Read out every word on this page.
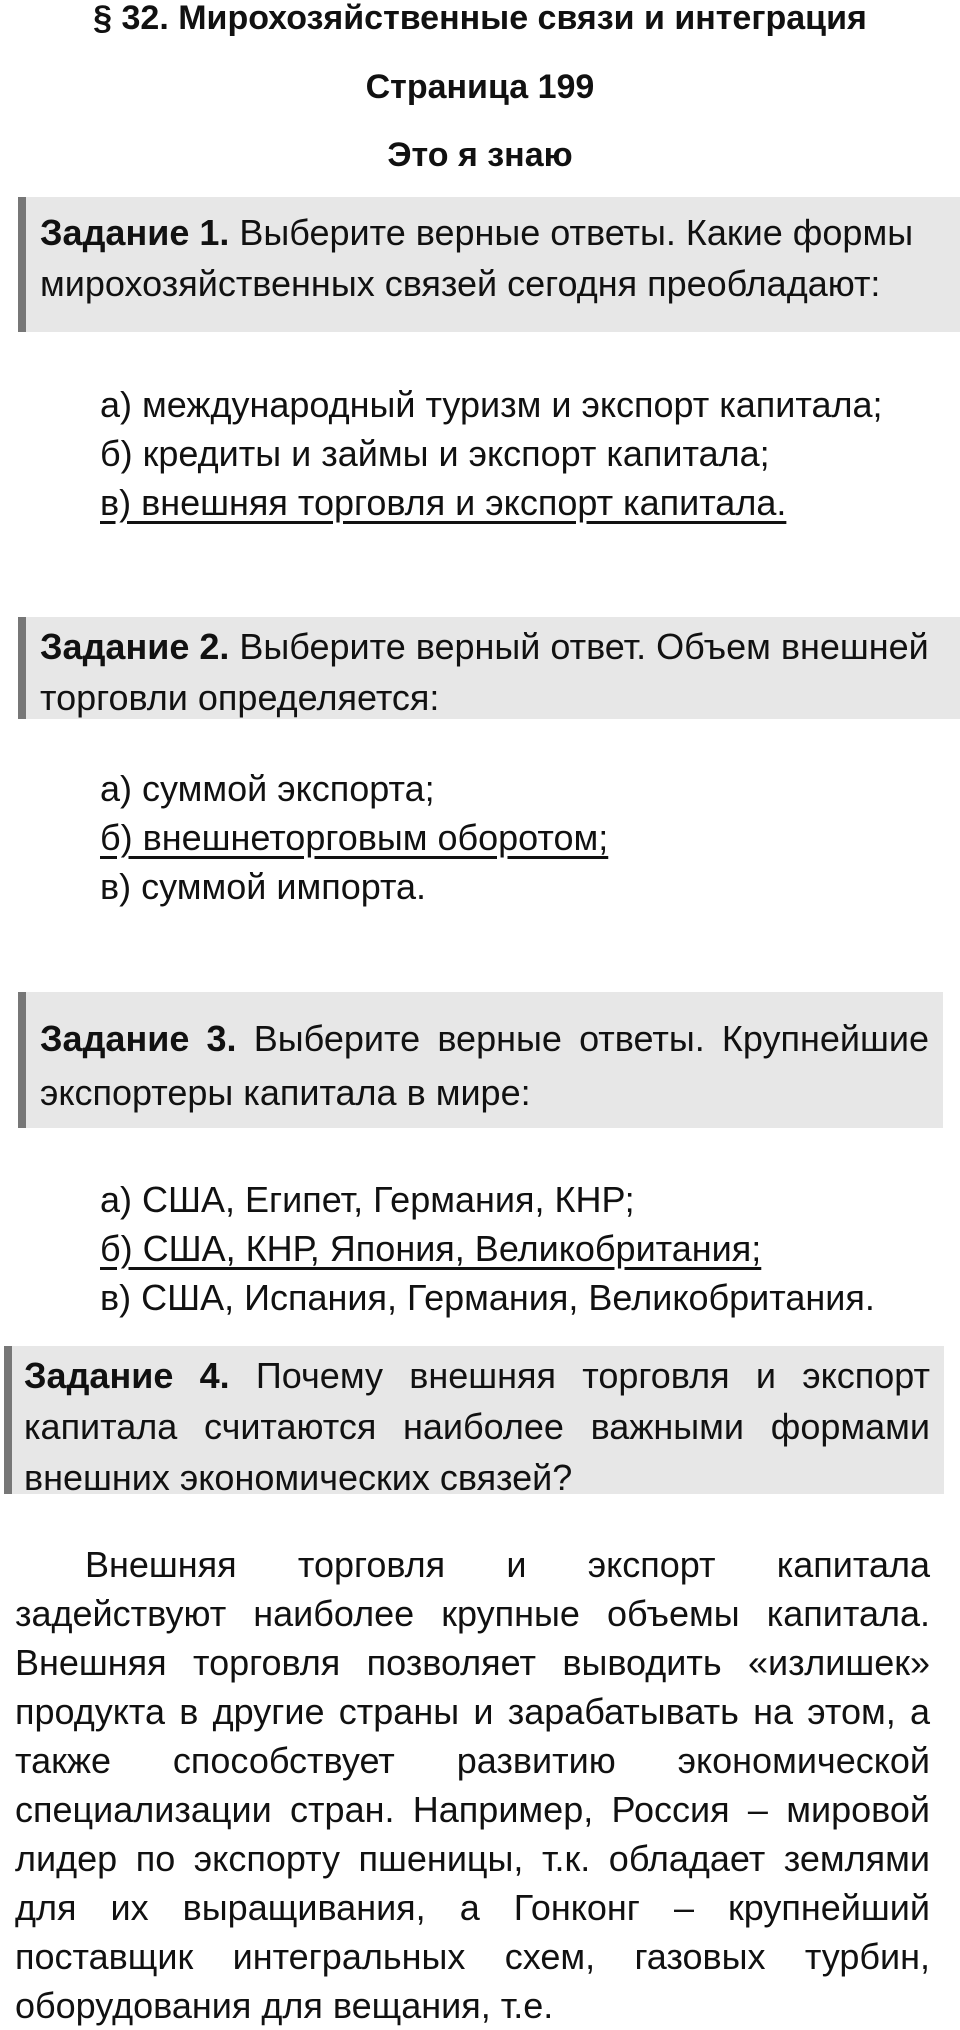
§ 32. Мирохозяйственные связи и интеграция
Страница 199
Это я знаю
Задание 1. Выберите верные ответы. Какие формы мирохозяйственных связей сегодня преобладают:
а) международный туризм и экспорт капитала;
б) кредиты и займы и экспорт капитала;
в) внешняя торговля и экспорт капитала.
Задание 2. Выберите верный ответ. Объем внешней торговли определяется:
а) суммой экспорта;
б) внешнеторговым оборотом;
в) суммой импорта.
Задание 3. Выберите верные ответы. Крупнейшие экспортеры капитала в мире:
а) США, Египет, Германия, КНР;
б) США, КНР, Япония, Великобритания;
в) США, Испания, Германия, Великобритания.
Задание 4. Почему внешняя торговля и экспорт капитала считаются наиболее важными формами внешних экономических связей?
Внешняя торговля и экспорт капитала задействуют наиболее крупные объемы капитала. Внешняя торговля позволяет выводить «излишек» продукта в другие страны и зарабатывать на этом, а также способствует развитию экономической специализации стран. Например, Россия – мировой лидер по экспорту пшеницы, т.к. обладает землями для их выращивания, а Гонконг – крупнейший поставщик интегральных схем, газовых турбин, оборудования для вещания, т.е.
